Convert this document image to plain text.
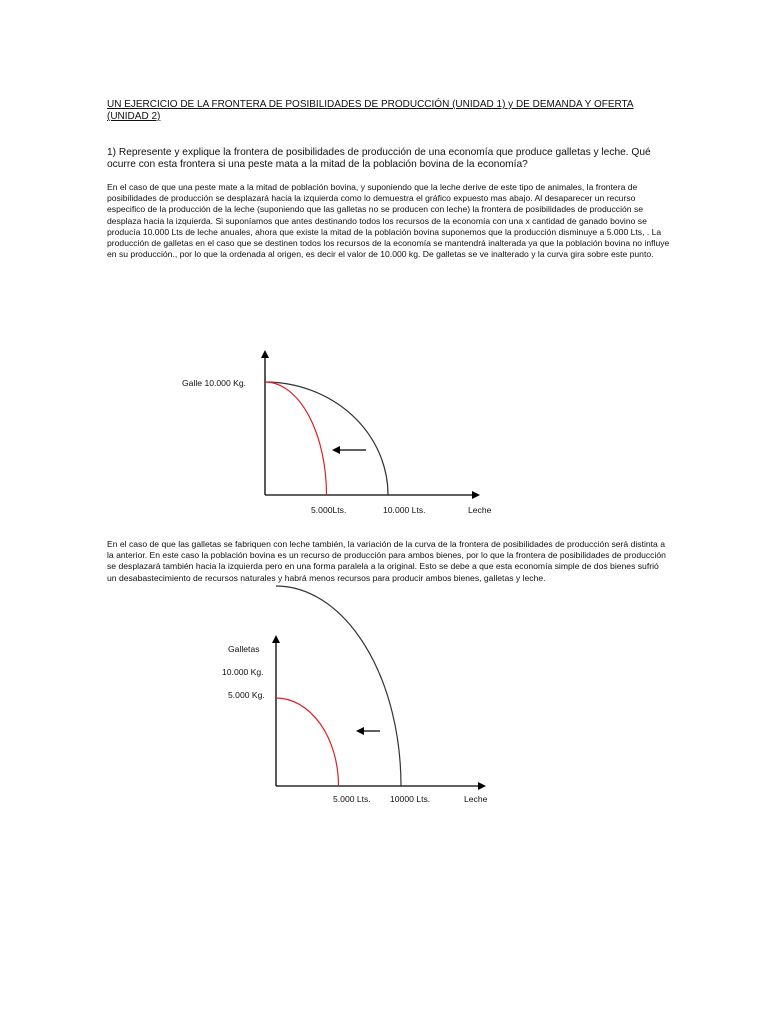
UN EJERCICIO DE LA FRONTERA DE POSIBILIDADES DE PRODUCCIÓN (UNIDAD 1) y DE DEMANDA Y OFERTA (UNIDAD 2)

1) Represente y explique la frontera de posibilidades de producción de una economía que produce galletas y leche. Qué ocurre con esta frontera si una peste mata a la mitad de la población bovina de la economía?

En el caso de que una peste mate a la mitad de población bovina, y suponiendo que la leche derive de este tipo de animales, la frontera de posibilidades de producción se desplazará hacia la izquierda como lo demuestra el gráfico expuesto mas abajo. Al desaparecer un recurso especifico de la producción de la leche (suponiendo que las galletas no se producen con leche) la frontera de posibilidades de producción se desplaza hacia la izquierda. Si suponíamos que antes destinando todos los recursos de la economía con una x cantidad de ganado bovino se producía 10.000 Lts de leche anuales, ahora que existe la mitad de la población bovina suponemos que la producción disminuye a 5.000 Lts, . La producción de galletas en el caso que se destinen todos los recursos de la economía se mantendrá inalterada ya que la población bovina no influye en su producción., por lo que la ordenada al origen, es decir el valor de 10.000 kg. De galletas se ve inalterado y la curva gira sobre este punto.

Galle 10.000 Kg.
5.000Lts.	10.000 Lts.	Leche
Galletas
10.000 Kg.
5.000 Kg.
5.000 Lts. 10000 Lts.	Leche

En el caso de que las galletas se fabriquen con leche también, la variación de la curva de la frontera de posibilidades de producción será distinta a la anterior. En este caso la población bovina es un recurso de producción para ambos bienes, por lo que la frontera de posibilidades de producción se desplazará también hacia la izquierda pero en una forma paralela a la original. Esto se debe a que esta economía simple de dos bienes sufrió un desabastecimiento de recursos naturales y habrá menos recursos para producir ambos bienes, galletas y leche.
